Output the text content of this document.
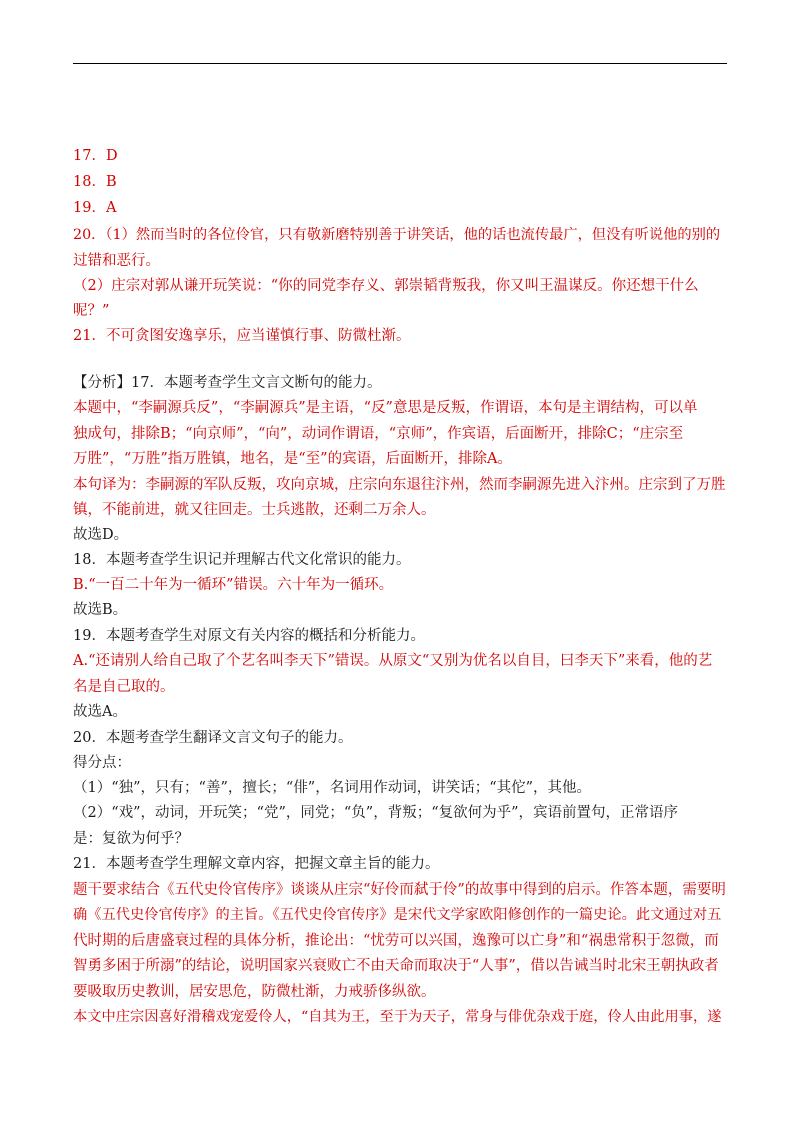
17．D
18．B
19．A
20．（1）然而当时的各位伶官，只有敬新磨特别善于讲笑话，他的话也流传最广，但没有听说他的别的
过错和恶行。
（2）庄宗对郭从谦开玩笑说：“你的同党李存义、郭崇韬背叛我，你又叫王温谋反。你还想干什么
呢？”
21．不可贪图安逸享乐，应当谨慎行事、防微杜渐。
【分析】17．本题考查学生文言文断句的能力。
本题中，“李嗣源兵反”，“李嗣源兵”是主语，“反”意思是反叛，作谓语，本句是主谓结构，可以单
独成句，排除B；“向京师”，“向”，动词作谓语，“京师”，作宾语，后面断开，排除C；“庄宗至
万胜”，“万胜”指万胜镇，地名，是“至”的宾语，后面断开，排除A。
本句译为：李嗣源的军队反叛，攻向京城，庄宗向东退往汴州，然而李嗣源先进入汴州。庄宗到了万胜
镇，不能前进，就又往回走。士兵逃散，还剩二万余人。
故选D。
18．本题考查学生识记并理解古代文化常识的能力。
B.“一百二十年为一循环”错误。六十年为一循环。
故选B。
19．本题考查学生对原文有关内容的概括和分析能力。
A.“还请别人给自己取了个艺名叫李天下”错误。从原文“又别为优名以自目，曰李天下”来看，他的艺
名是自己取的。
故选A。
20．本题考查学生翻译文言文句子的能力。
得分点：
（1）“独”，只有；“善”，擅长；“俳”，名词用作动词，讲笑话；“其佗”，其他。
（2）“戏”，动词，开玩笑；“党”，同党；“负”，背叛；“复欲何为乎”，宾语前置句，正常语序
是：复欲为何乎？
21．本题考查学生理解文章内容，把握文章主旨的能力。
题干要求结合《五代史伶官传序》谈谈从庄宗“好伶而弑于伶”的故事中得到的启示。作答本题，需要明
确《五代史伶官传序》的主旨。《五代史伶官传序》是宋代文学家欧阳修创作的一篇史论。此文通过对五
代时期的后唐盛衰过程的具体分析，推论出：“忧劳可以兴国，逸豫可以亡身”和“祸患常积于忽微，而
智勇多困于所溺”的结论，说明国家兴衰败亡不由天命而取决于“人事”，借以告诫当时北宋王朝执政者
要吸取历史教训，居安思危，防微杜渐，力戒骄侈纵欲。
本文中庄宗因喜好滑稽戏宠爱伶人，“自其为王，至于为天子，常身与俳优杂戏于庭，伶人由此用事，遂
